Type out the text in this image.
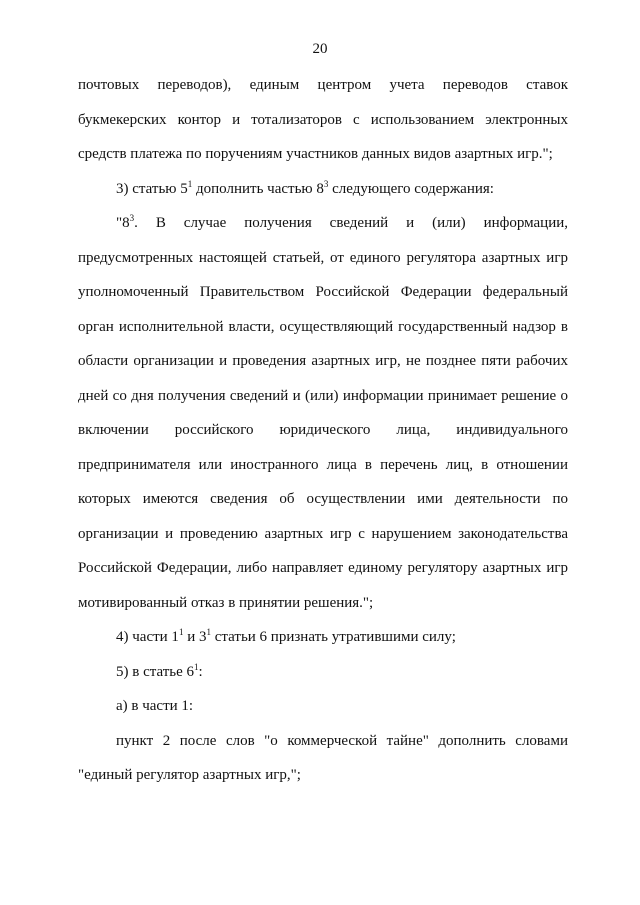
20
почтовых переводов), единым центром учета переводов ставок
букмекерских контор и тотализаторов с использованием электронных
средств платежа по поручениям участников данных видов азартных игр.";
3) статью $5^1$ дополнить частью $8^3$ следующего содержания:
"$8^3$. В случае получения сведений и (или) информации,
предусмотренных настоящей статьей, от единого регулятора азартных игр
уполномоченный Правительством Российской Федерации федеральный
орган исполнительной власти, осуществляющий государственный надзор в
области организации и проведения азартных игр, не позднее пяти рабочих
дней со дня получения сведений и (или) информации принимает решение о
включении российского юридического лица, индивидуального
предпринимателя или иностранного лица в перечень лиц, в отношении
которых имеются сведения об осуществлении ими деятельности по
организации и проведению азартных игр с нарушением законодательства
Российской Федерации, либо направляет единому регулятору азартных игр
мотивированный отказ в принятии решения.";
4) части $1^1$ и $3^1$ статьи 6 признать утратившими силу;
5) в статье $6^1$:
а) в части 1:
пункт 2 после слов "о коммерческой тайне" дополнить словами
"единый регулятор азартных игр,";
